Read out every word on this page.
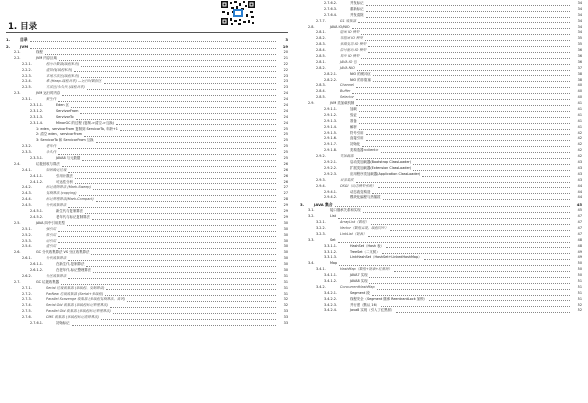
1. 目录
1.	目录	3
2.	JVM	19
2.1.	线程	20
2.2.	JVM 内存区域	21
2.2.1.	程序计数器(线程私有)	22
2.2.2.	虚拟栈(线程私有)	22
2.2.3.	本地方法区(线程私有)	23
2.2.4.	堆 (Heap-线程共享) —运行时数据区	23
2.2.5.	方法区/永久代 (线程共享)	23
2.3.	JVM 运行时内存	24
2.3.1.	新生代	24
2.3.1.1.	Eden 区	24
2.3.1.2.	ServivorFrom	24
2.3.1.3.	ServivorTo	24
2.3.1.4.	MinorGC 的过程 (复制->清空->互换)	24
1: eden、servicorFrom 复制到 ServicorTo, 年龄+1	25
2: 清空 eden、servicorFrom	25
3: ServicorTo 和 ServicorFrom 互换	25
2.3.2.	老年代	25
2.3.3.	永久代	25
2.3.3.1.	JAVA8 与元数据	25
2.4.	垃圾回收与算法	26
2.4.1.	如何确定垃圾	26
2.4.1.1.	引用计数法	26
2.4.1.2.	可达性分析	26
2.4.2.	标记清除算法 (Mark-Sweep)	27
2.4.3.	复制算法 (copying)	27
2.4.4.	标记整理算法(Mark-Compact)	28
2.4.5.	分代收集算法	29
2.4.5.1.	新生代与复制算法	29
2.4.5.2.	老年代与标记复制算法	29
2.5.	JAVA 四中引用类型	30
2.5.1.	强引用	30
2.5.2.	软引用	30
2.5.3.	弱引用	30
2.5.4.	虚引用	30
2.6.	GC 分代收集算法 VS 分区收集算法	30
2.6.1.	分代收集算法	30
2.6.1.1.	在新生代-复制算法	30
2.6.1.2.	在老年代-标记整理算法	30
2.6.2.	分区收集算法	31
2.7.	GC 垃圾收集器	31
2.7.1.	Serial 垃圾收集器 (单线程、复制算法)	31
2.7.2.	ParNew 垃圾收集器 (Serial+多线程)	31
2.7.3.	Parallel Scavenge 收集器 (多线程复制算法、高效)	32
2.7.4.	Serial Old 收集器 (单线程标记整理算法)	32
2.7.5.	Parallel Old 收集器 (多线程标记整理算法)	33
2.7.6.	CMS 收集器 (多线程标记清除算法)	33
2.7.6.1.	初始标记	33
2.7.6.2.	并发标记	34
2.7.6.3.	重新标记	34
2.7.6.4.	并发清除	34
2.7.7.	G1 收集器	34
2.8.	JAVA IO/NIO	34
2.8.1.	阻塞 IO 模型	34
2.8.2.	非阻塞 IO 模型	35
2.8.3.	多路复用 IO 模型	35
2.8.4.	信号驱动 IO 模型	36
2.8.5.	异步 IO 模型	36
2.8.1.	JAVA IO 包	36
2.8.2.	JAVA NIO	37
2.8.2.1.	NIO 的缓冲区	38
2.8.2.2.	NIO 的非阻塞	38
2.8.3.	Channel	40
2.8.4.	Buffer	40
2.8.5.	Selector	40
2.9.	JVM 类加载机制	41
2.9.1.1.	加载	41
2.9.1.2.	验证	41
2.9.1.3.	准备	41
2.9.1.4.	解析	41
2.9.1.5.	符号引用	42
2.9.1.6.	直接引用	42
2.9.1.7.	初始化	42
2.9.1.8.	类构造器<client>	42
2.9.2.	类加载器	42
2.9.2.1.	启动类加载器(Bootstrap ClassLoader)	43
2.9.2.2.	扩展类加载器(Extension ClassLoader)	43
2.9.2.3.	应用程序类加载器(Application ClassLoader)	43
2.9.3.	双亲委派	43
2.9.4.	OSGI（动态模型系统）	44
2.9.4.1.	动态改变构造	44
2.9.4.2.	模块化编程与热插拔	44
3.	JAVA 集合	45
3.1.	接口继承关系和实现	45
3.2.	List	47
3.2.1.	ArrayList（数组）	47
3.2.2.	Vector（数组实现、线程同步）	47
3.2.3.	LinkList（链表）	47
3.3.	Set	48
3.3.1.1.	HashSet（Hash 表）	48
3.3.1.2.	TreeSet（二叉树）	49
3.3.1.3.	LinkHashSet（HashSet+LinkedHashMap）	49
3.4.	Map	50
3.4.1.	HashMap（数组+链表+红黑树）	50
3.4.1.1.	JAVA7 实现	50
3.4.1.2.	JAVA8 实现	51
3.4.2.	ConcurrentHashMap	51
3.4.2.1.	Segment 段	51
3.4.2.2.	线程安全（Segment 继承 ReentrantLock 加锁）	51
3.4.2.3.	并行度（默认 16）	52
3.4.2.4.	Java8 实现（引入了红黑树）	52
